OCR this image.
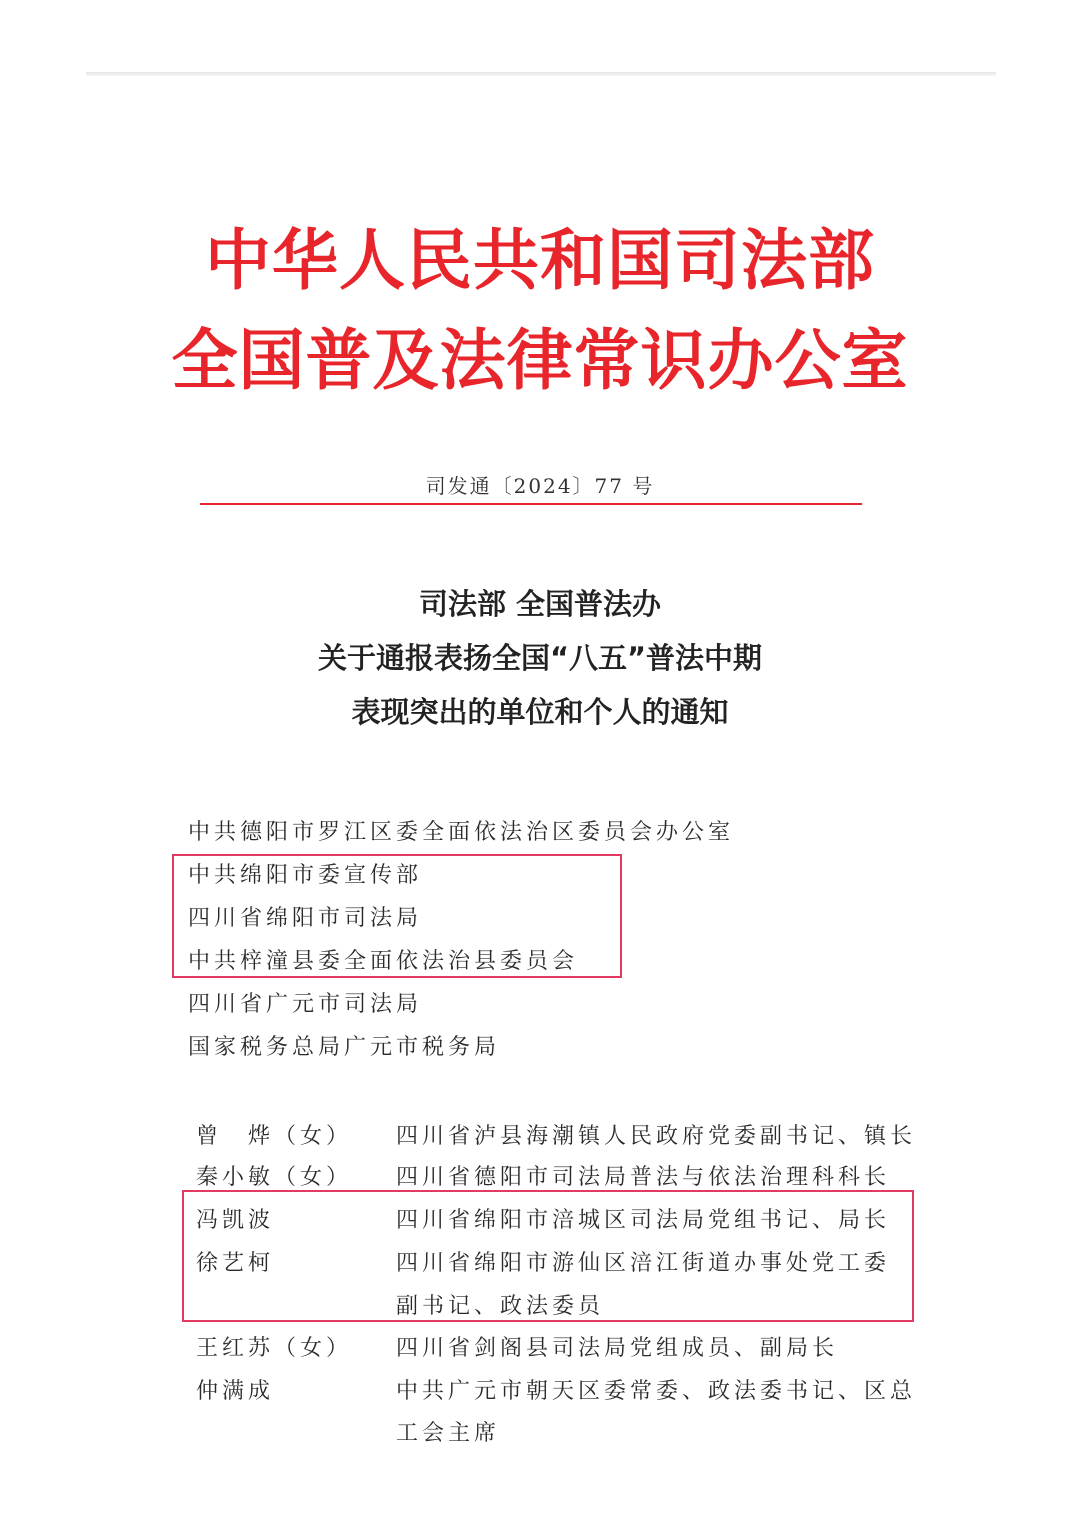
中华人民共和国司法部
全国普及法律常识办公室
司发通〔2024〕77 号
司法部 全国普法办
关于通报表扬全国“八五”普法中期
表现突出的单位和个人的通知
中共德阳市罗江区委全面依法治区委员会办公室
中共绵阳市委宣传部
四川省绵阳市司法局
中共梓潼县委全面依法治县委员会
四川省广元市司法局
国家税务总局广元市税务局
曾　烨（女） 四川省泸县海潮镇人民政府党委副书记、镇长
秦小敏（女） 四川省德阳市司法局普法与依法治理科科长
冯凯波	四川省绵阳市涪城区司法局党组书记、局长
徐艺柯	四川省绵阳市游仙区涪江街道办事处党工委
副书记、政法委员
王红苏（女） 四川省剑阁县司法局党组成员、副局长
仲满成	中共广元市朝天区委常委、政法委书记、区总
工会主席
